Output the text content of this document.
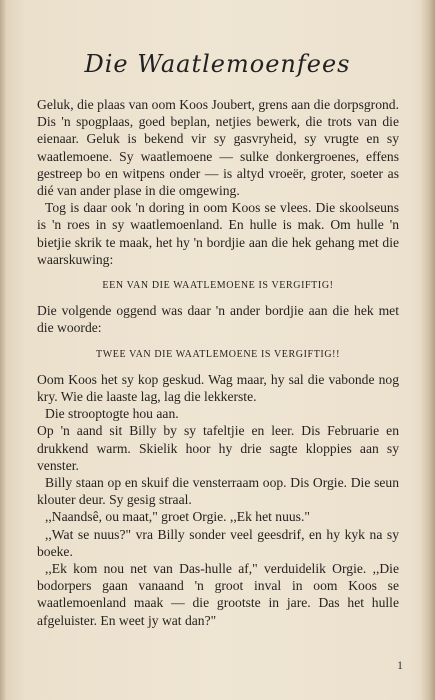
Die Waatlemoenfees

Geluk, die plaas van oom Koos Joubert, grens aan die dorpsgrond. Dis 'n spogplaas, goed beplan, netjies bewerk, die trots van die eienaar. Geluk is bekend vir sy gasvryheid, sy vrugte en sy waatlemoene. Sy waatlemoene — sulke donkergroenes, effens gestreep bo en witpens onder — is altyd vroeër, groter, soeter as dié van ander plase in die omgewing.

Tog is daar ook 'n doring in oom Koos se vlees. Die skoolseuns is 'n roes in sy waatlemoenland. En hulle is mak. Om hulle 'n bietjie skrik te maak, het hy 'n bordjie aan die hek gehang met die waarskuwing:

EEN VAN DIE WAATLEMOENE IS VERGIFTIG!

Die volgende oggend was daar 'n ander bordjie aan die hek met die woorde:

TWEE VAN DIE WAATLEMOENE IS VERGIFTIG!!

Oom Koos het sy kop geskud. Wag maar, hy sal die vabonde nog kry. Wie die laaste lag, lag die lekkerste.

Die strooptogte hou aan.

Op 'n aand sit Billy by sy tafeltjie en leer. Dis Februarie en drukkend warm. Skielik hoor hy drie sagte kloppies aan sy venster.

Billy staan op en skuif die vensterraam oop. Dis Orgie. Die seun klouter deur. Sy gesig straal.

,,Naandsê, ou maat," groet Orgie. ,,Ek het nuus."

,,Wat se nuus?" vra Billy sonder veel geesdrif, en hy kyk na sy boeke.

,,Ek kom nou net van Das-hulle af," verduidelik Orgie. ,,Die bodorpers gaan vanaand 'n groot inval in oom Koos se waatlemoenland maak — die grootste in jare. Das het hulle afgeluister. En weet jy wat dan?"

1
